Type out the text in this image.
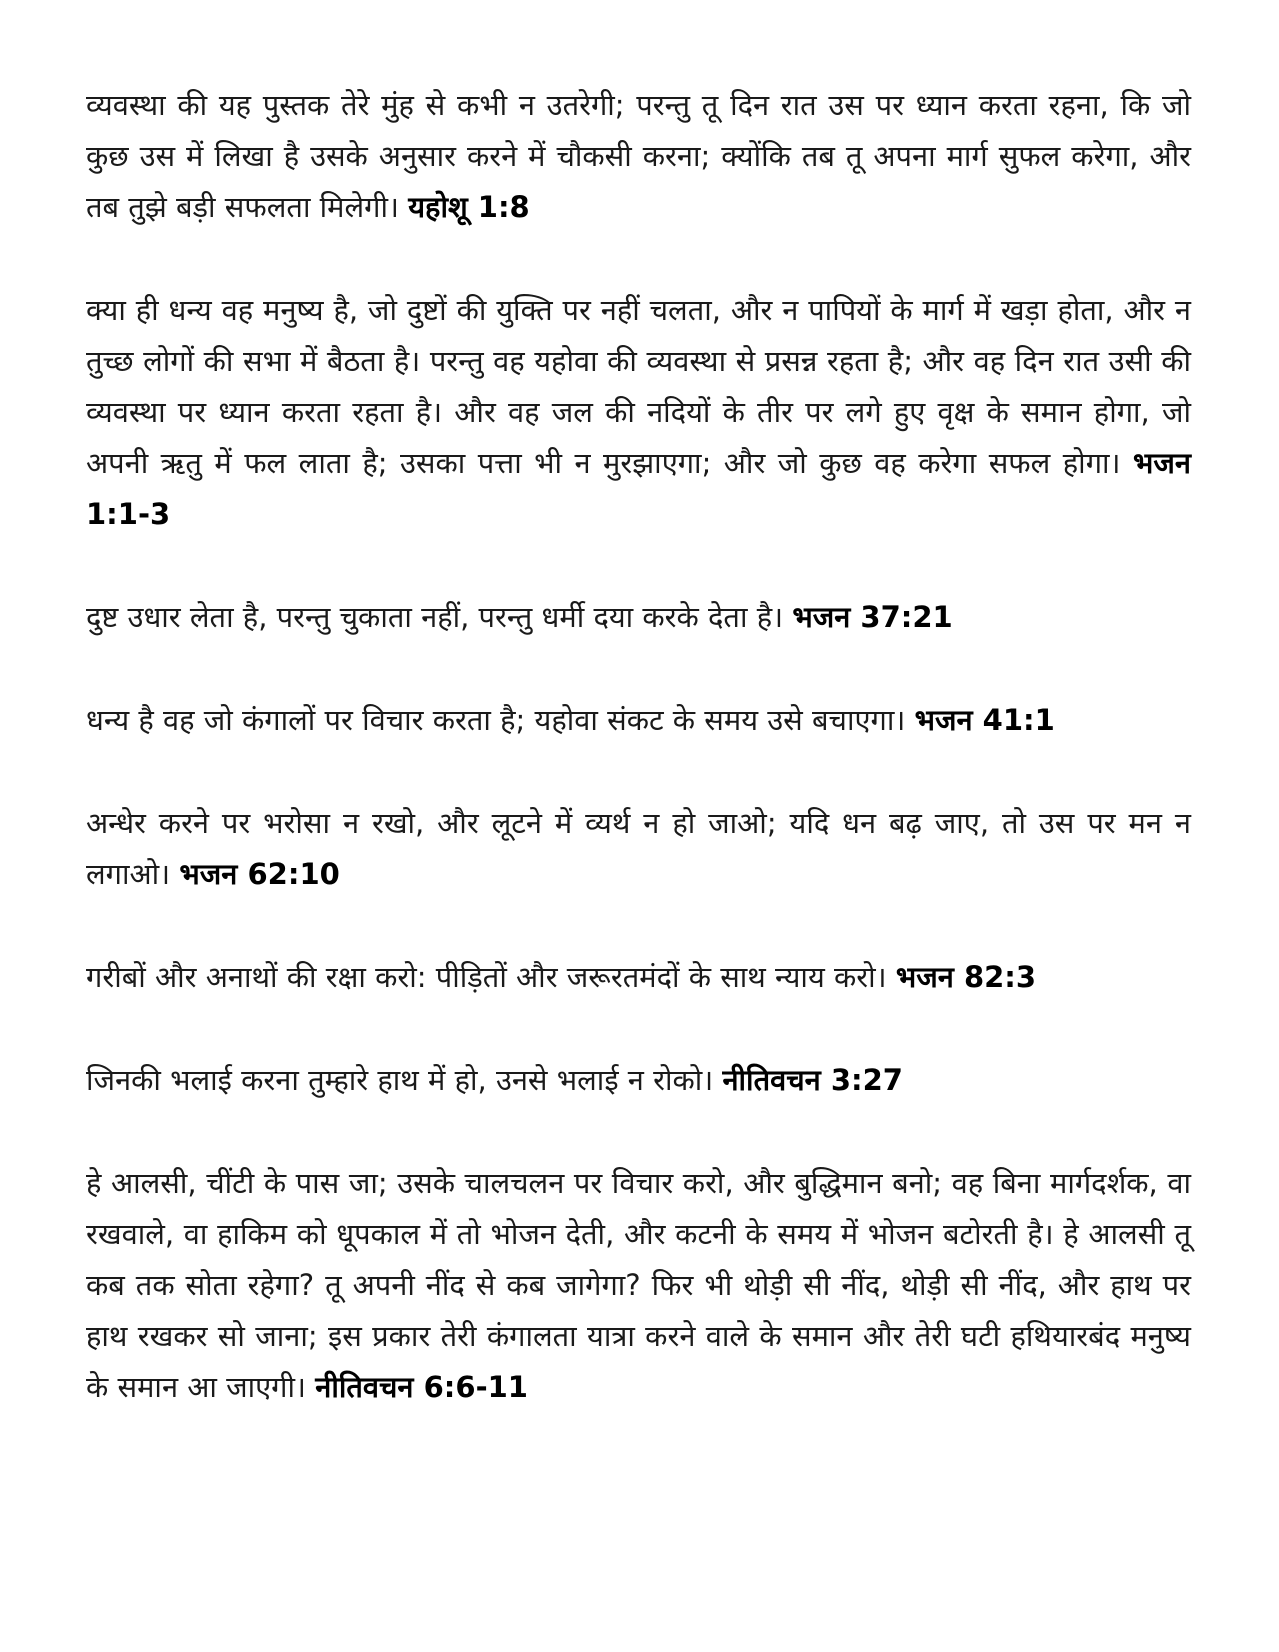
व्यवस्था की यह पुस्तक तेरे मुंह से कभी न उतरेगी; परन्तु तू दिन रात उस पर ध्यान करता रहना, कि जो कुछ उस में लिखा है उसके अनुसार करने में चौकसी करना; क्योंकि तब तू अपना मार्ग सुफल करेगा, और तब तुझे बड़ी सफलता मिलेगी। यहोशू 1:8

क्या ही धन्य वह मनुष्य है, जो दुष्टों की युक्ति पर नहीं चलता, और न पापियों के मार्ग में खड़ा होता, और न तुच्छ लोगों की सभा में बैठता है। परन्तु वह यहोवा की व्यवस्था से प्रसन्न रहता है; और वह दिन रात उसी की व्यवस्था पर ध्यान करता रहता है। और वह जल की नदियों के तीर पर लगे हुए वृक्ष के समान होगा, जो अपनी ऋतु में फल लाता है; उसका पत्ता भी न मुरझाएगा; और जो कुछ वह करेगा सफल होगा। भजन 1:1-3

दुष्ट उधार लेता है, परन्तु चुकाता नहीं, परन्तु धर्मी दया करके देता है। भजन 37:21

धन्य है वह जो कंगालों पर विचार करता है; यहोवा संकट के समय उसे बचाएगा। भजन 41:1

अन्धेर करने पर भरोसा न रखो, और लूटने में व्यर्थ न हो जाओ; यदि धन बढ़ जाए, तो उस पर मन न लगाओ। भजन 62:10

गरीबों और अनाथों की रक्षा करो: पीड़ितों और जरूरतमंदों के साथ न्याय करो। भजन 82:3

जिनकी भलाई करना तुम्हारे हाथ में हो, उनसे भलाई न रोको। नीतिवचन 3:27

हे आलसी, चींटी के पास जा; उसके चालचलन पर विचार करो, और बुद्धिमान बनो; वह बिना मार्गदर्शक, वा रखवाले, वा हाकिम को धूपकाल में तो भोजन देती, और कटनी के समय में भोजन बटोरती है। हे आलसी तू कब तक सोता रहेगा? तू अपनी नींद से कब जागेगा? फिर भी थोड़ी सी नींद, थोड़ी सी नींद, और हाथ पर हाथ रखकर सो जाना; इस प्रकार तेरी कंगालता यात्रा करने वाले के समान और तेरी घटी हथियारबंद मनुष्य के समान आ जाएगी। नीतिवचन 6:6-11
